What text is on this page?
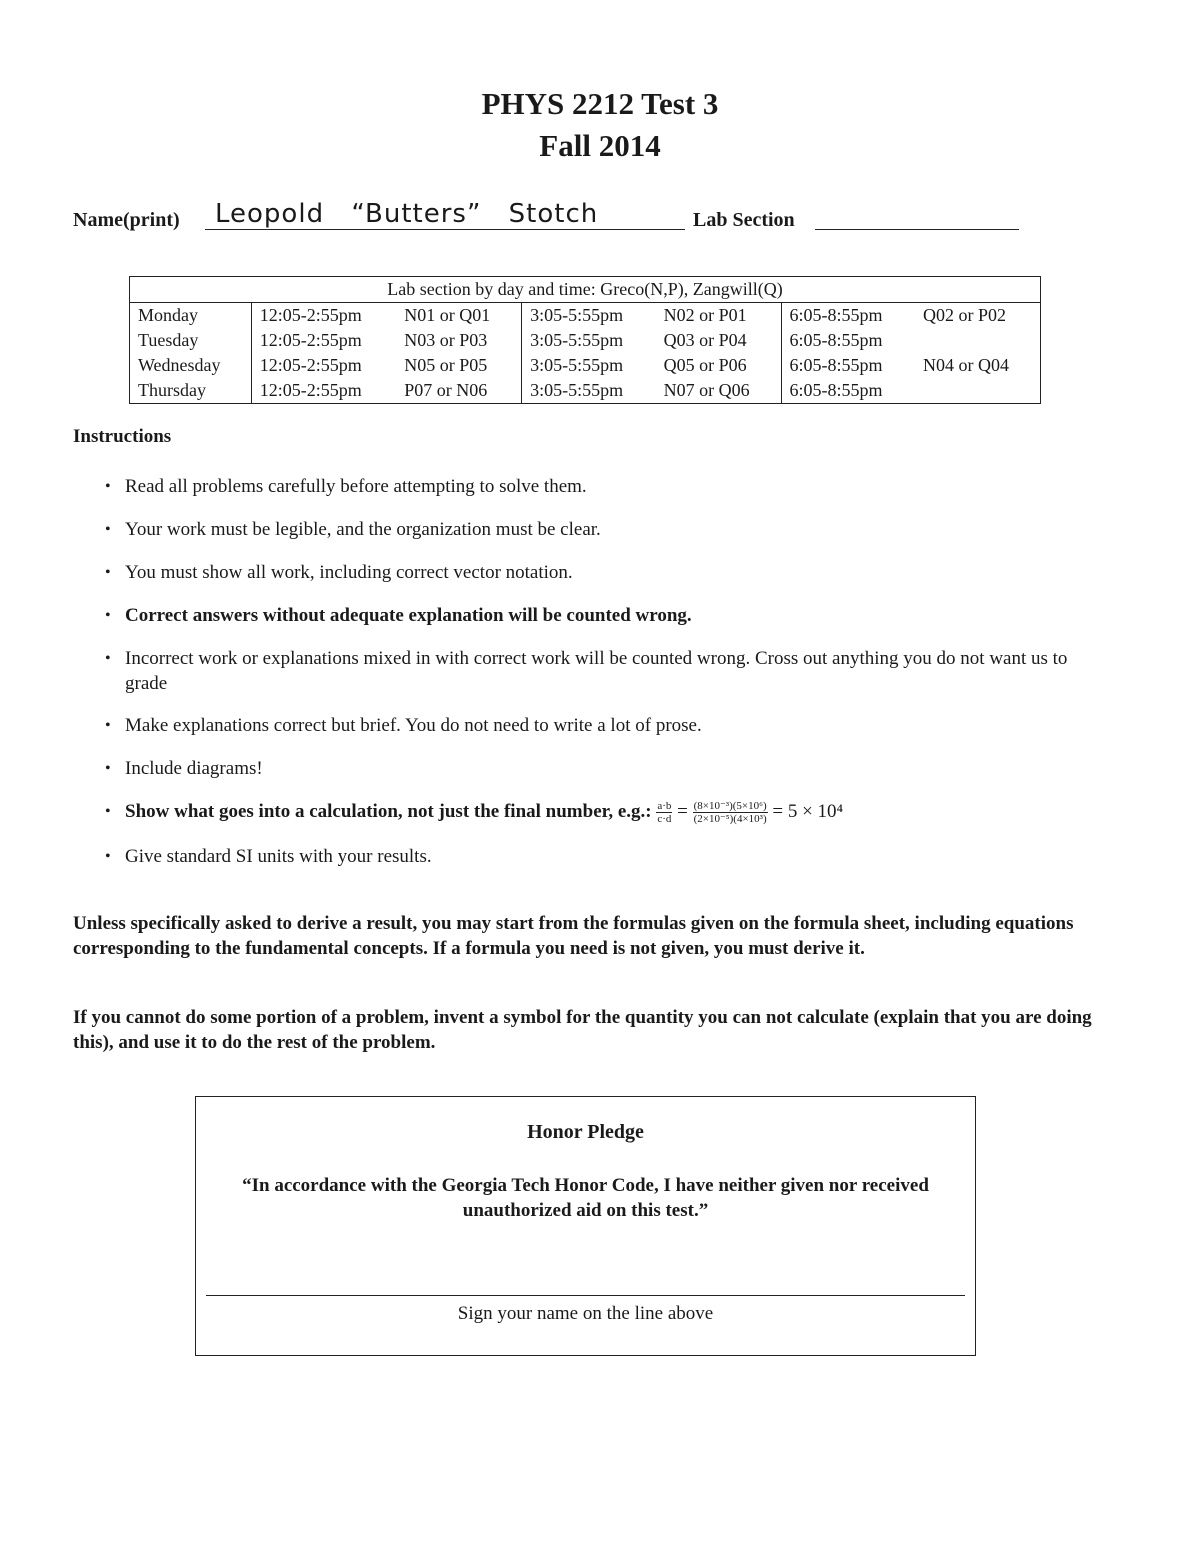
PHYS 2212 Test 3
Fall 2014
Name(print) Leopold “Butters” Stotch	Lab Section
Lab section by day and time: Greco(N,P), Zangwill(Q)						
Monday	12:05-2:55pm	N01 or Q01	3:05-5:55pm	N02 or P01	6:05-8:55pm	Q02 or P02
Tuesday	12:05-2:55pm	N03 or P03	3:05-5:55pm	Q03 or P04	6:05-8:55pm	
Wednesday	12:05-2:55pm	N05 or P05	3:05-5:55pm	Q05 or P06	6:05-8:55pm	N04 or Q04
Thursday	12:05-2:55pm	P07 or N06	3:05-5:55pm	N07 or Q06	6:05-8:55pm	
Instructions
• Read all problems carefully before attempting to solve them.
• Your work must be legible, and the organization must be clear.
• You must show all work, including correct vector notation.
• Correct answers without adequate explanation will be counted wrong.
• Incorrect work or explanations mixed in with correct work will be counted wrong. Cross out anything you do not want us to grade
• Make explanations correct but brief. You do not need to write a lot of prose.
• Include diagrams!
• Show what goes into a calculation, not just the final number, e.g.: $\frac{a\cdot b}{c\cdot d} = \frac{\text{(8×10⁻³)(5×10⁶)}}{\text{(2×10⁻⁵)(4×10³)}} = 5 \times 10^4$
• Give standard SI units with your results.
Unless specifically asked to derive a result, you may start from the formulas given on the formula sheet, including equations corresponding to the fundamental concepts. If a formula you need is not given, you must derive it.
If you cannot do some portion of a problem, invent a symbol for the quantity you can not calculate (explain that you are doing this), and use it to do the rest of the problem.
Honor Pledge
“In accordance with the Georgia Tech Honor Code, I have neither given nor received unauthorized aid on this test.”
Sign your name on the line above
